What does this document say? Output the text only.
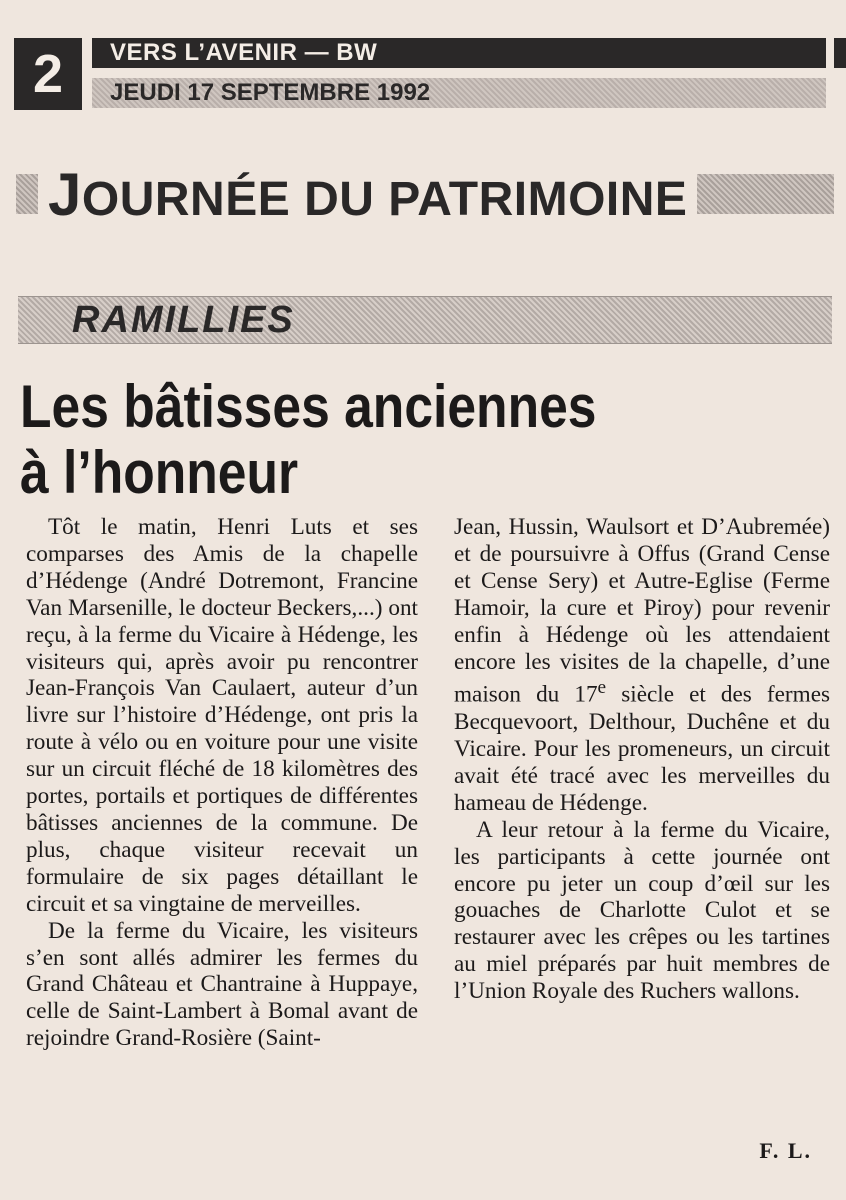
2	VERS L’AVENIR — BW
JEUDI 17 SEPTEMBRE 1992
JOURNÉE DU PATRIMOINE
RAMILLIES
Les bâtisses anciennes
à l’honneur

Tôt le matin, Henri Luts et ses comparses des Amis de la chapelle d’Hédenge (André Dotremont, Francine Van Marsenille, le docteur Beckers,...) ont reçu, à la ferme du Vicaire à Hédenge, les visiteurs qui, après avoir pu rencontrer Jean-François Van Caulaert, auteur d’un livre sur l’histoire d’Hédenge, ont pris la route à vélo ou en voiture pour une visite sur un circuit fléché de 18 kilomètres des portes, portails et portiques de différentes bâtisses anciennes de la commune. De plus, chaque visiteur recevait un formulaire de six pages détaillant le circuit et sa vingtaine de merveilles.

De la ferme du Vicaire, les visiteurs s’en sont allés admirer les fermes du Grand Château et Chantraine à Huppaye, celle de Saint-Lambert à Bomal avant de rejoindre Grand-Rosière (Saint-

Jean, Hussin, Waulsort et D’Aubremée) et de poursuivre à Offus (Grand Cense et Cense Sery) et Autre-Eglise (Ferme Hamoir, la cure et Piroy) pour revenir enfin à Hédenge où les attendaient encore les visites de la chapelle, d’une maison du 17e siècle et des fermes Becquevoort, Delthour, Duchêne et du Vicaire. Pour les promeneurs, un circuit avait été tracé avec les merveilles du hameau de Hédenge.

A leur retour à la ferme du Vicaire, les participants à cette journée ont encore pu jeter un coup d’œil sur les gouaches de Charlotte Culot et se restaurer avec les crêpes ou les tartines au miel préparés par huit membres de l’Union Royale des Ruchers wallons.

F. L.
